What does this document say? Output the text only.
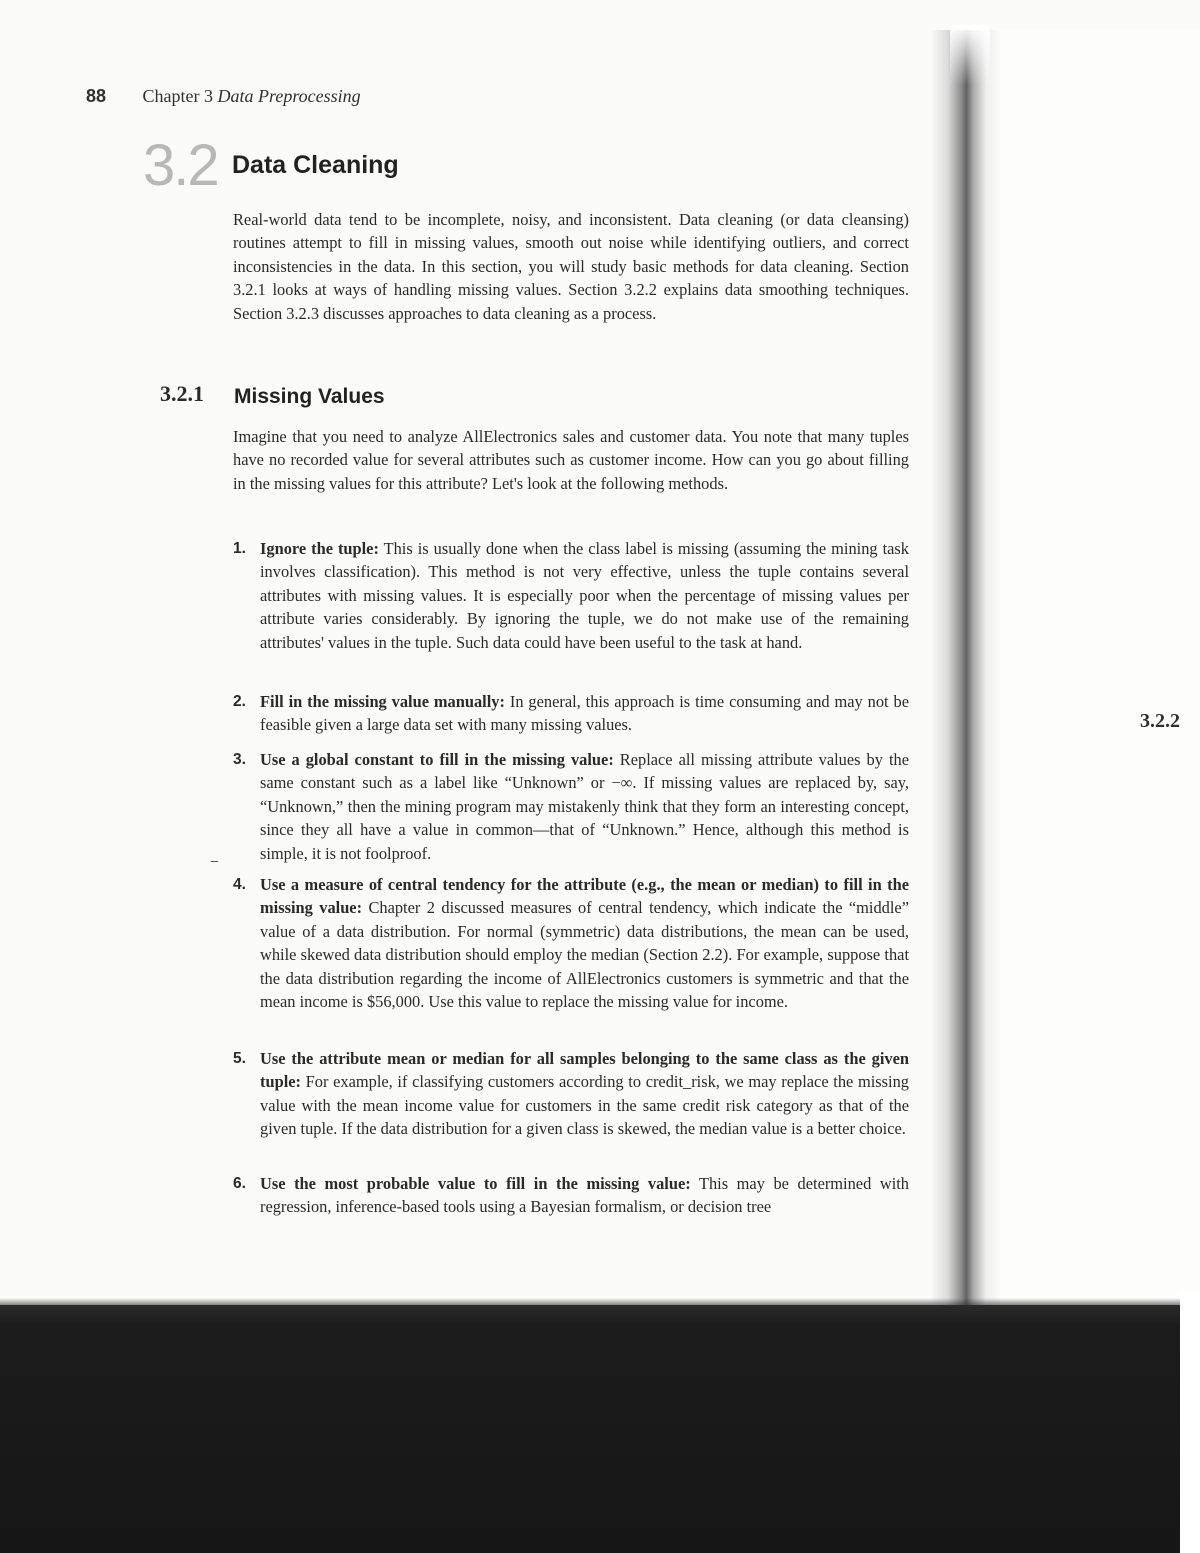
3.2.2
88 Chapter 3 Data Preprocessing
3.2 Data Cleaning

Real-world data tend to be incomplete, noisy, and inconsistent. Data cleaning (or data cleansing) routines attempt to fill in missing values, smooth out noise while identifying outliers, and correct inconsistencies in the data. In this section, you will study basic methods for data cleaning. Section 3.2.1 looks at ways of handling missing values. Section 3.2.2 explains data smoothing techniques. Section 3.2.3 discusses approaches to data cleaning as a process.

3.2.1 Missing Values

Imagine that you need to analyze AllElectronics sales and customer data. You note that many tuples have no recorded value for several attributes such as customer income. How can you go about filling in the missing values for this attribute? Let's look at the following methods.

1. Ignore the tuple: This is usually done when the class label is missing (assuming the mining task involves classification). This method is not very effective, unless the tuple contains several attributes with missing values. It is especially poor when the percentage of missing values per attribute varies considerably. By ignoring the tuple, we do not make use of the remaining attributes' values in the tuple. Such data could have been useful to the task at hand.
2. Fill in the missing value manually: In general, this approach is time consuming and may not be feasible given a large data set with many missing values.
3. Use a global constant to fill in the missing value: Replace all missing attribute values by the same constant such as a label like “Unknown” or −∞. If missing values are replaced by, say, “Unknown,” then the mining program may mistakenly think that they form an interesting concept, since they all have a value in common—that of “Unknown.” Hence, although this method is simple, it is not foolproof.
4. Use a measure of central tendency for the attribute (e.g., the mean or median) to fill in the missing value: Chapter 2 discussed measures of central tendency, which indicate the “middle” value of a data distribution. For normal (symmetric) data distributions, the mean can be used, while skewed data distribution should employ the median (Section 2.2). For example, suppose that the data distribution regarding the income of AllElectronics customers is symmetric and that the mean income is $56,000. Use this value to replace the missing value for income.
5. Use the attribute mean or median for all samples belonging to the same class as the given tuple: For example, if classifying customers according to credit_risk, we may replace the missing value with the mean income value for customers in the same credit risk category as that of the given tuple. If the data distribution for a given class is skewed, the median value is a better choice.
6. Use the most probable value to fill in the missing value: This may be determined with regression, inference-based tools using a Bayesian formalism, or decision tree
